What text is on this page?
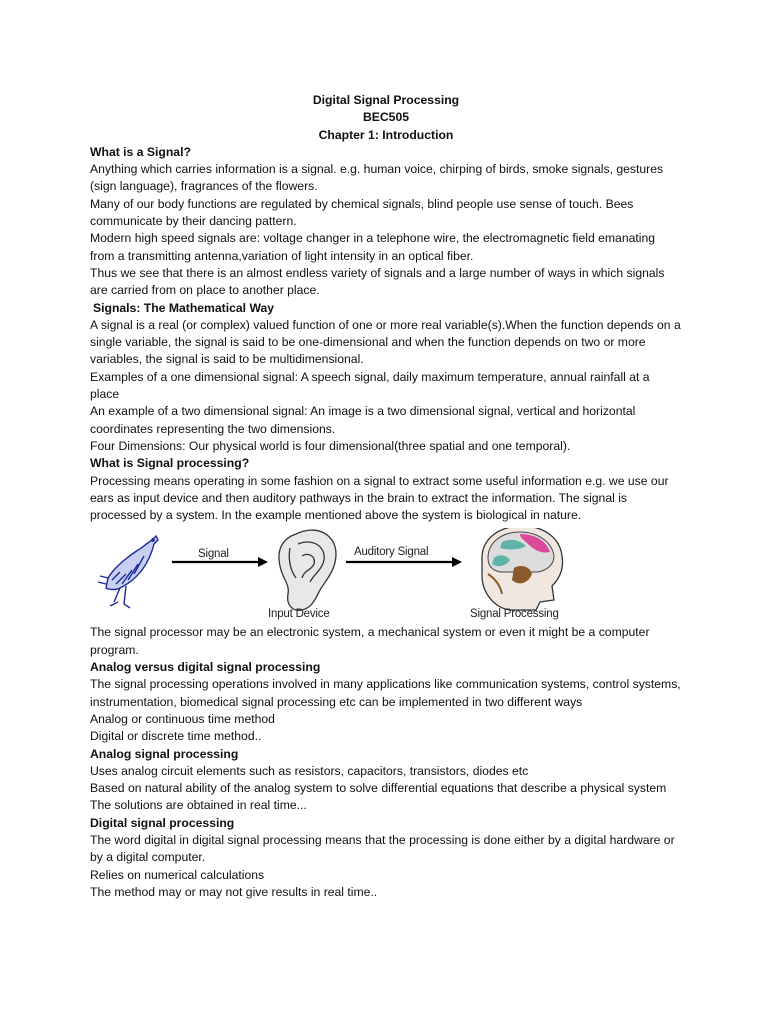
Digital Signal Processing
BEC505
Chapter 1: Introduction
What is a Signal?

Anything which carries information is a signal. e.g. human voice, chirping of birds, smoke signals, gestures (sign language), fragrances of the flowers.

Many of our body functions are regulated by chemical signals, blind people use sense of touch. Bees communicate by their dancing pattern.

Modern high speed signals are: voltage changer in a telephone wire, the electromagnetic field emanating from a transmitting antenna,variation of light intensity in an optical fiber.

Thus we see that there is an almost endless variety of signals and a large number of ways in which signals are carried from on place to another place.

Signals: The Mathematical Way

A signal is a real (or complex) valued function of one or more real variable(s).When the function depends on a single variable, the signal is said to be one-dimensional and when the function depends on two or more variables, the signal is said to be multidimensional.

Examples of a one dimensional signal: A speech signal, daily maximum temperature, annual rainfall at a place

An example of a two dimensional signal: An image is a two dimensional signal, vertical and horizontal coordinates representing the two dimensions.

Four Dimensions: Our physical world is four dimensional(three spatial and one temporal).

What is Signal processing?

Processing means operating in some fashion on a signal to extract some useful information e.g. we use our ears as input device and then auditory pathways in the brain to extract the information. The signal is processed by a system. In the example mentioned above the system is biological in nature.

Signal
Input Device
Auditory Signal
Signal Processing

The signal processor may be an electronic system, a mechanical system or even it might be a computer program.

Analog versus digital signal processing

The signal processing operations involved in many applications like communication systems, control systems, instrumentation, biomedical signal processing etc can be implemented in two different ways

Analog or continuous time method

Digital or discrete time method..

Analog signal processing

Uses analog circuit elements such as resistors, capacitors, transistors, diodes etc

Based on natural ability of the analog system to solve differential equations that describe a physical system

The solutions are obtained in real time...

Digital signal processing

The word digital in digital signal processing means that the processing is done either by a digital hardware or by a digital computer.

Relies on numerical calculations

The method may or may not give results in real time..
